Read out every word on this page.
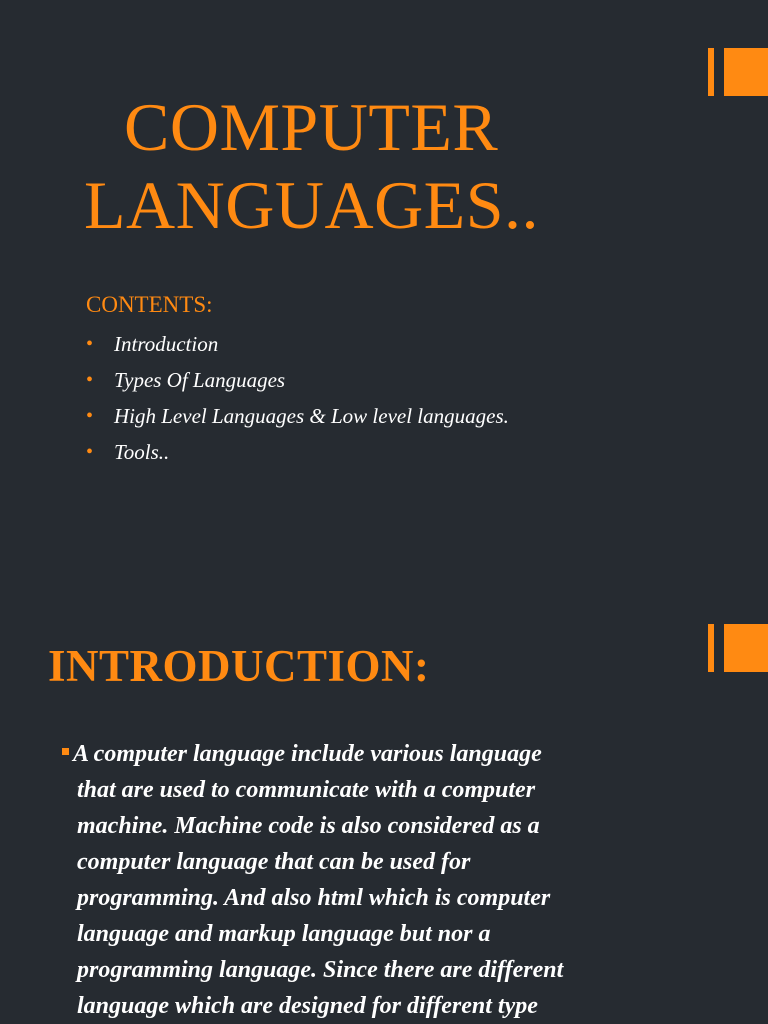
COMPUTER
LANGUAGES..
CONTENTS:
• Introduction
• Types Of Languages
• High Level Languages & Low level languages.
• Tools..
INTRODUCTION:

A computer language include various language
that are used to communicate with a computer
machine. Machine code is also considered as a
computer language that can be used for
programming. And also html which is computer
language and markup language but nor a
programming language. Since there are different
language which are designed for different type
